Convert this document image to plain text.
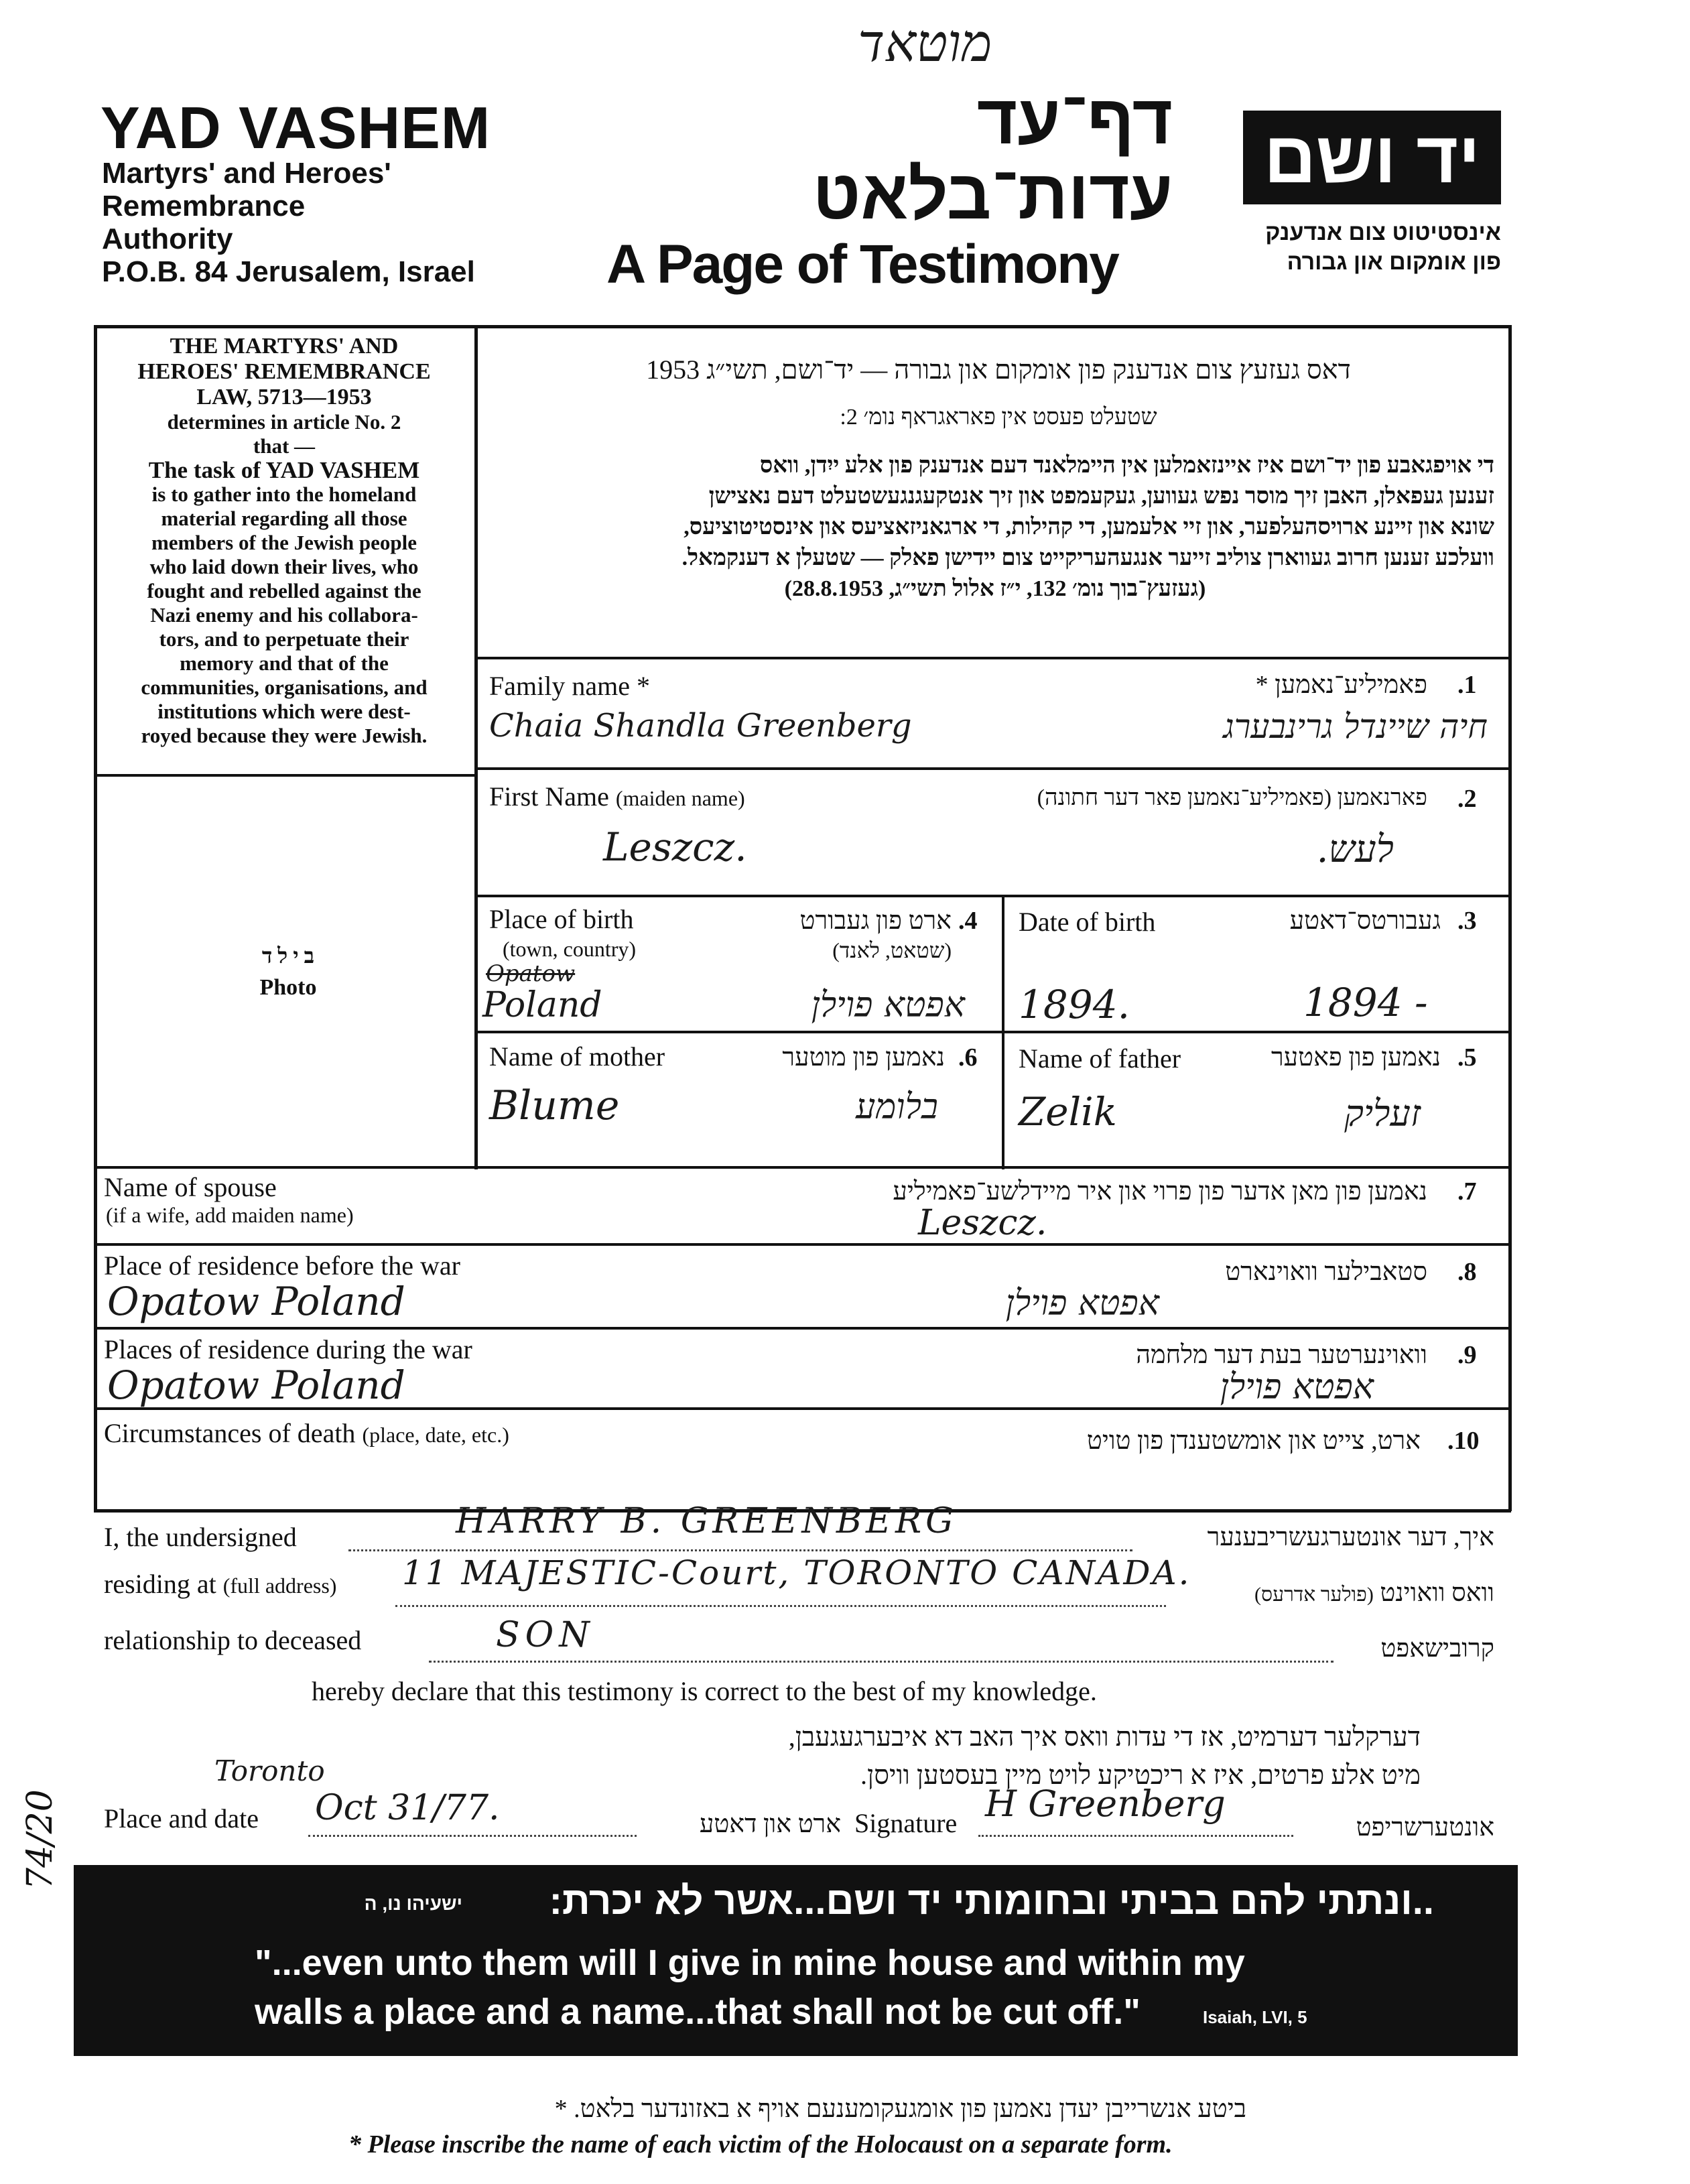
מוטאד
YAD VASHEM
Martyrs' and Heroes'
Remembrance
Authority
P.O.B. 84 Jerusalem, Israel
דף־עד
עדות־בלאט
A Page of Testimony
יד ושם
אינסטיטוט צום אנדענק
פון אומקום און גבורה
THE MARTYRS' AND
HEROES' REMEMBRANCE
LAW, 5713—1953
determines in article No. 2
that —
The task of YAD VASHEM
is to gather into the homeland
material regarding all those
members of the Jewish people
who laid down their lives, who
fought and rebelled against the
Nazi enemy and his collabora-
tors, and to perpetuate their
memory and that of the
communities, organisations, and
institutions which were dest-
royed because they were Jewish.
ב י ל ד
Photo
דאס געזעץ צום אנדענק פון אומקום און גבורה — יד־ושם, תשי״ג 1953
שטעלט פעסט אין פאראגראף נומ׳ 2:
די אויפגאבע פון יד־ושם איז איינזאמלען אין היימלאנד דעם אנדענק פון אלע ייִדן, וואס
זענען געפאלן, האבן זיך מוסר נפש געווען, געקעמפט און זיך אנטקעגנגעשטעלט דעם נאצישן
שונא און זיינע ארויסהעלפער, און זיי אלעמען, די קהילות, די ארגאניזאציעס און אינסטיטוציעס,
וועלכע זענען חרוב געווארן צוליב זייער אנגעהעריקייט צום יידישן פאלק — שטעלן א דענקמאל.
(געזעץ־בוך נומ׳ 132, י״ז אלול תשי״ג, 28.8.1953)
Family name *	פאמיליע־נאמען * .1
Chaia Shandla Greenberg	חיה שיינדל גרינבערג
First Name (maiden name)	פארנאמען (פאמיליע־נאמען פאר דער חתונה) .2
Leszcz.	לעש.
Place of birth
(town, country)
ארט פון געבורט .4
(שטאט, לאנד)
Opatow
Poland	אפטא פוילן
Date of birth	געבורטס־דאטע .3
1894.	1894 -
Name of mother	נאמען פון מוטער .6
Blume	בלומע
Name of father	נאמען פון פאטער .5
Zelik	זעליק
Name of spouse
(if a wife, add maiden name)
נאמען פון מאן אדער פון פרוי און איר מיידלשע־פאמיליע .7
Leszcz.
Place of residence before the war	סטאבילער וואוינארט .8
Opatow Poland	אפטא פוילן
Places of residence during the war	וואוינערטער בעת דער מלחמה .9
Opatow Poland	אפטא פוילן
Circumstances of death (place, date, etc.)	ארט, צייט און אומשטענדן פון טויט .10
I, the undersigned	HARRY B. GREENBERG	איך, דער אונטערגעשריבענער
residing at (full address) 11 MAJESTIC-Court, TORONTO CANADA.
וואס וואוינט (פולער אדרעס)
relationship to deceased	SON	קרובישאפט
hereby declare that this testimony is correct to the best of my knowledge.
דערקלער דערמיט, אז די עדות וואס איך האב דא איבערגעגעבן,
מיט אלע פרטים, איז א ריכטיקע לויט מיין בעסטען וויסן.
74/20
Toronto
Place and date Oct 31/77.	ארט און דאטע Signature H Greenberg
אונטערשריפט
..ונתתי להם בביתי ובחומותי יד ושם...אשר לא יכרת:
ישעיהו נו, ה
"...even unto them will I give in mine house and within my
walls a place and a name...that shall not be cut off."	Isaiah, LVI, 5
ביטע אנשרייבן יעדן נאמען פון אומגעקומענעם אויף א באזונדער בלאט. *
* Please inscribe the name of each victim of the Holocaust on a separate form.
